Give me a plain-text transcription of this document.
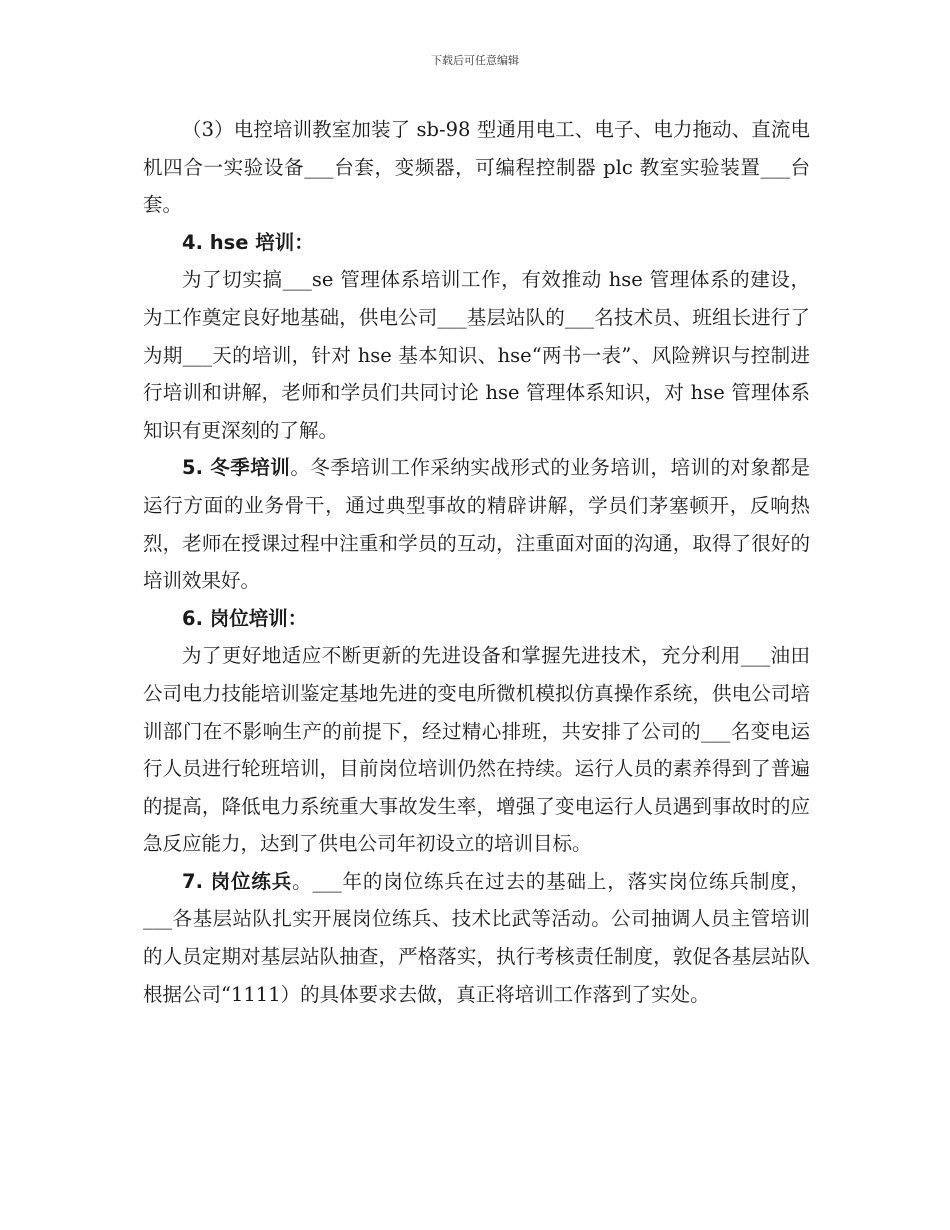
下载后可任意编辑

（3）电控培训教室加装了 sb-98 型通用电工、电子、电力拖动、直流电机四合一实验设备___台套，变频器，可编程控制器 plc 教室实验装置___台套。

4. hse 培训：

为了切实搞___se 管理体系培训工作，有效推动 hse 管理体系的建设，为工作奠定良好地基础，供电公司___基层站队的___名技术员、班组长进行了为期___天的培训，针对 hse 基本知识、hse“两书一表”、风险辨识与控制进行培训和讲解，老师和学员们共同讨论 hse 管理体系知识，对 hse 管理体系知识有更深刻的了解。

5. 冬季培训。冬季培训工作采纳实战形式的业务培训，培训的对象都是运行方面的业务骨干，通过典型事故的精辟讲解，学员们茅塞顿开，反响热烈，老师在授课过程中注重和学员的互动，注重面对面的沟通，取得了很好的培训效果好。

6. 岗位培训：

为了更好地适应不断更新的先进设备和掌握先进技术，充分利用___油田公司电力技能培训鉴定基地先进的变电所微机模拟仿真操作系统，供电公司培训部门在不影响生产的前提下，经过精心排班，共安排了公司的___名变电运行人员进行轮班培训，目前岗位培训仍然在持续。运行人员的素养得到了普遍的提高，降低电力系统重大事故发生率，增强了变电运行人员遇到事故时的应急反应能力，达到了供电公司年初设立的培训目标。

7. 岗位练兵。___年的岗位练兵在过去的基础上，落实岗位练兵制度，___各基层站队扎实开展岗位练兵、技术比武等活动。公司抽调人员主管培训的人员定期对基层站队抽查，严格落实，执行考核责任制度，敦促各基层站队根据公司“1111）的具体要求去做，真正将培训工作落到了实处。
